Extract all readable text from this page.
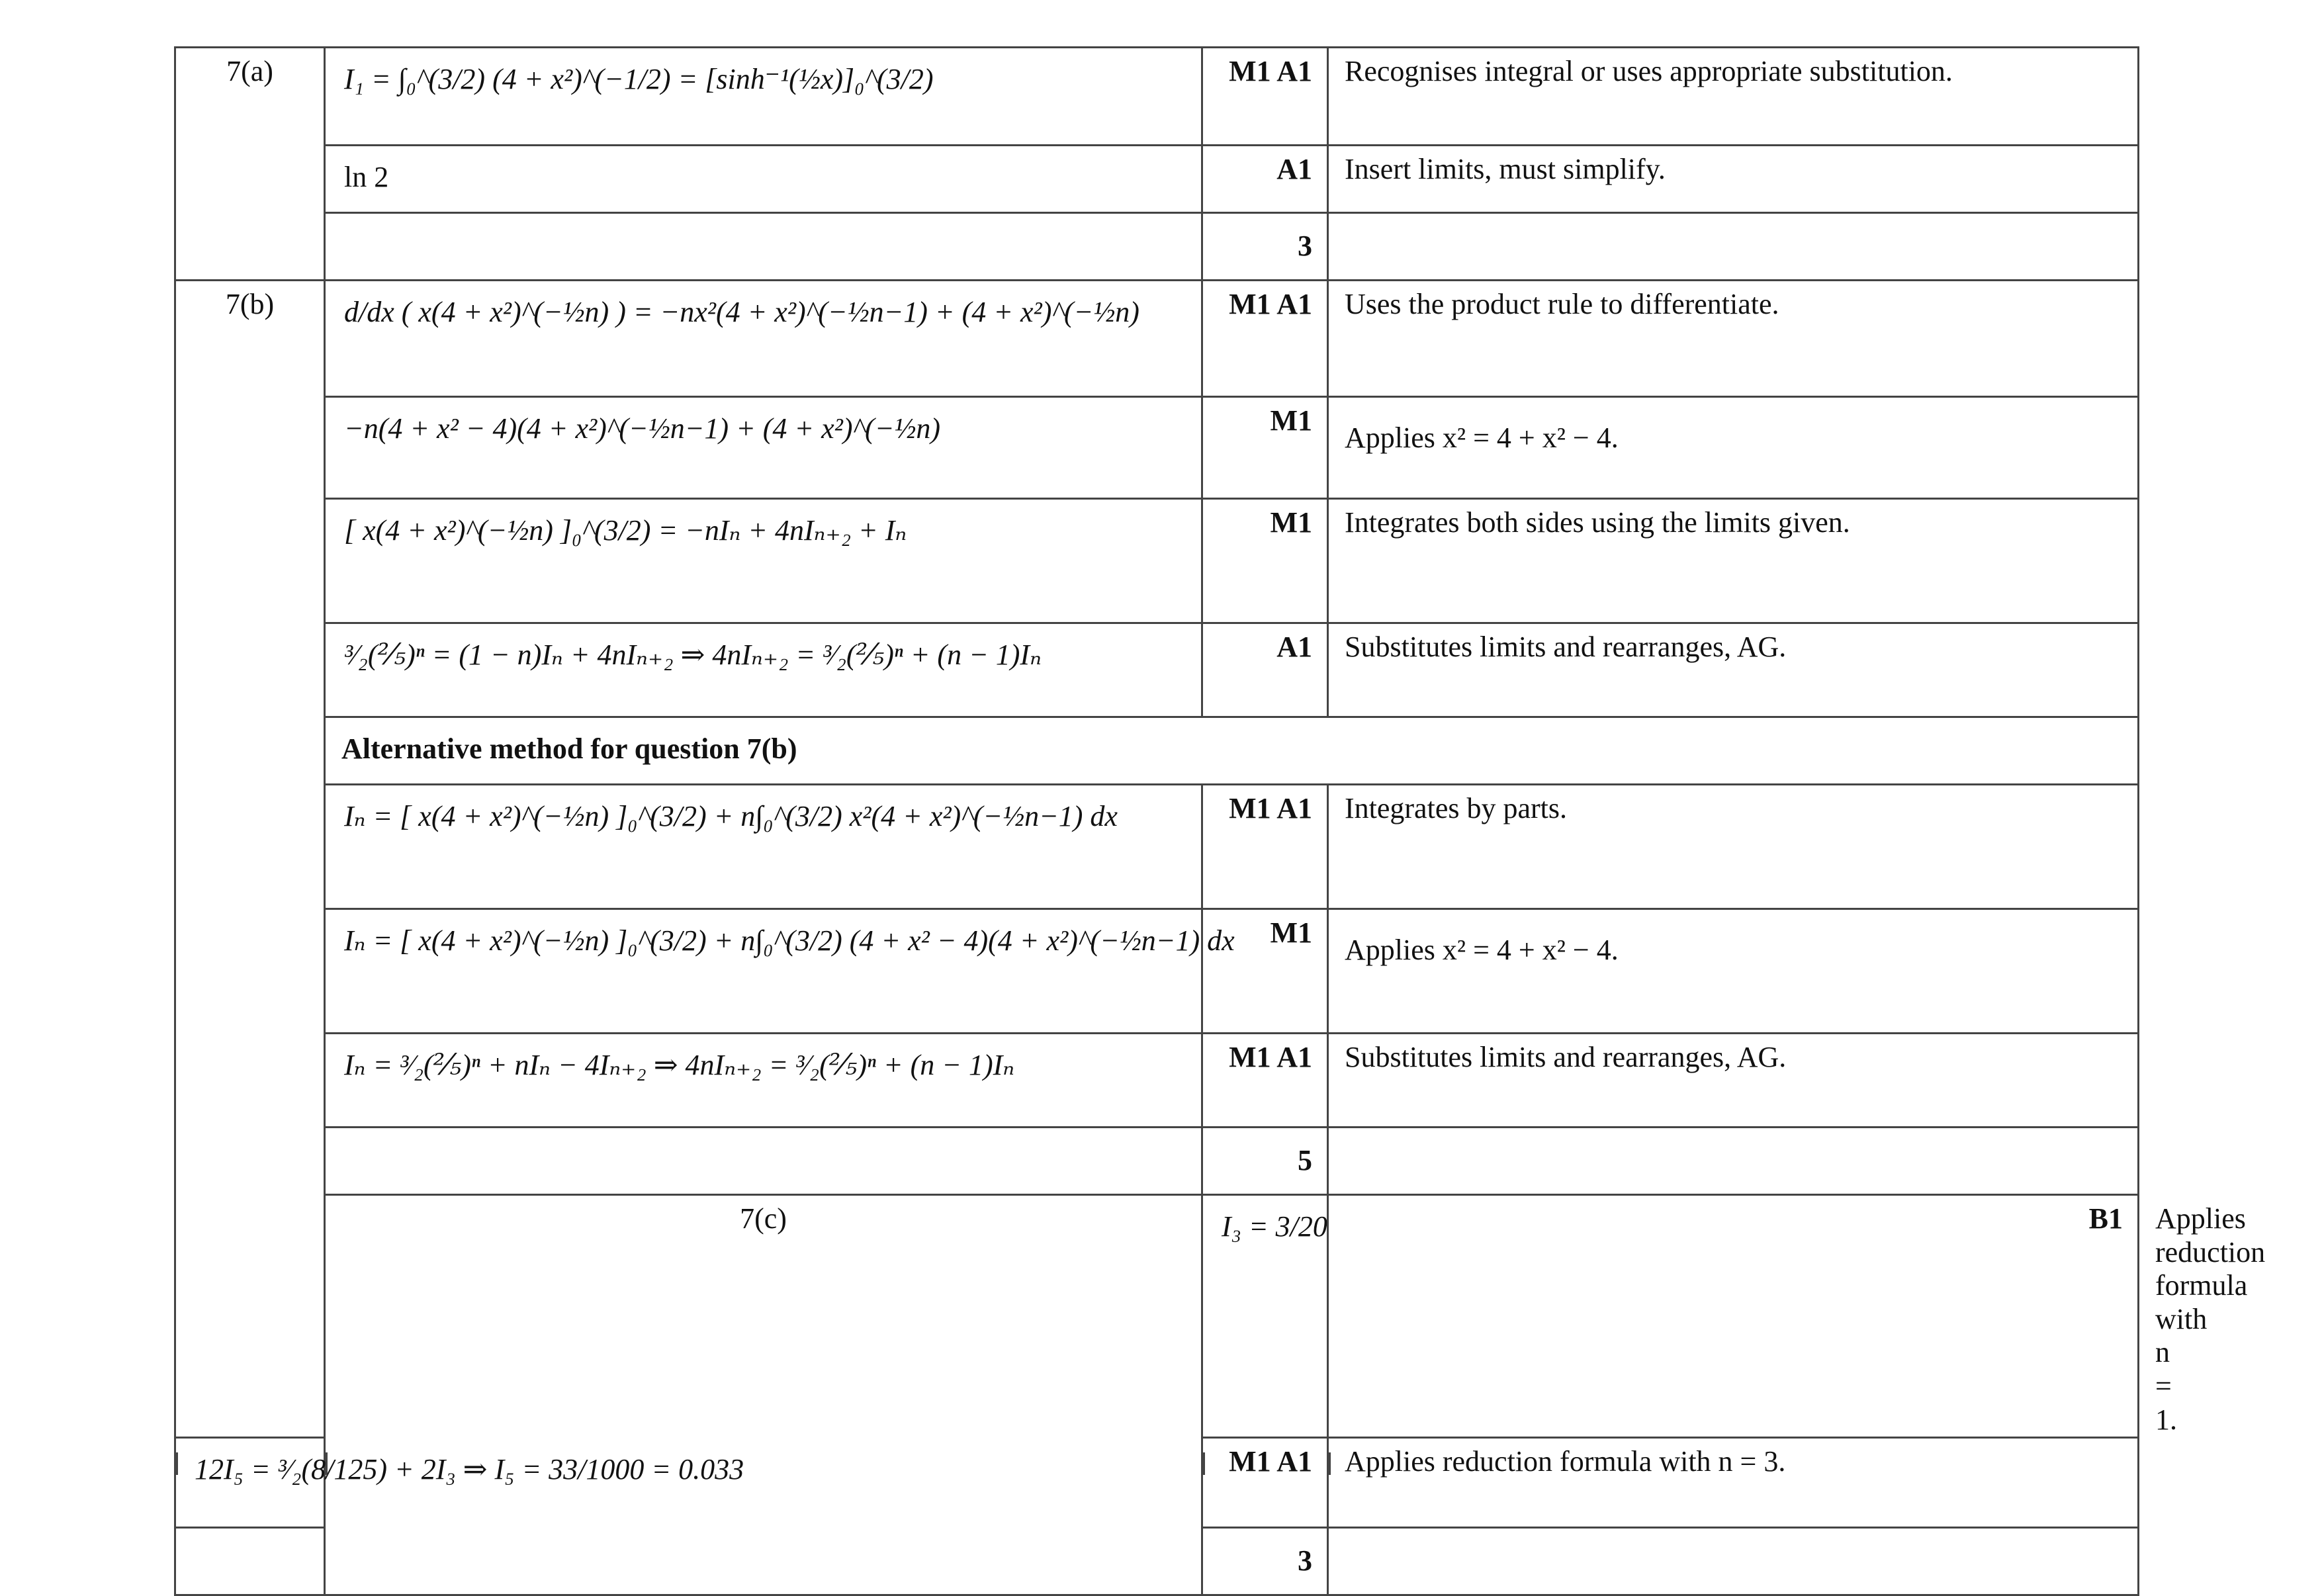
7(a)	I₁ = ∫₀^(3/2) (4 + x²)^(−1/2) = [sinh⁻¹(½x)]₀^(3/2)	M1 A1	Recognises integral or uses appropriate substitution.	
	ln 2	A1	Insert limits, must simplify.	
		3		
7(b)	d/dx ( x(4 + x²)^(−½n) ) = −nx²(4 + x²)^(−½n−1) + (4 + x²)^(−½n)	M1 A1	Uses the product rule to differentiate.	
	−n(4 + x² − 4)(4 + x²)^(−½n−1) + (4 + x²)^(−½n)	M1	Applies x² = 4 + x² − 4.	
	[ x(4 + x²)^(−½n) ]₀^(3/2) = −nIₙ + 4nIₙ₊₂ + Iₙ	M1	Integrates both sides using the limits given.	
	³⁄₂(⅖)ⁿ = (1 − n)Iₙ + 4nIₙ₊₂ ⇒ 4nIₙ₊₂ = ³⁄₂(⅖)ⁿ + (n − 1)Iₙ	A1	Substitutes limits and rearranges, AG.	
	Alternative method for question 7(b)			
	Iₙ = [ x(4 + x²)^(−½n) ]₀^(3/2) + n∫₀^(3/2) x²(4 + x²)^(−½n−1) dx	M1 A1	Integrates by parts.	
	Iₙ = [ x(4 + x²)^(−½n) ]₀^(3/2) + n∫₀^(3/2) (4 + x² − 4)(4 + x²)^(−½n−1) dx	M1	Applies x² = 4 + x² − 4.	
	Iₙ = ³⁄₂(⅖)ⁿ + nIₙ − 4Iₙ₊₂ ⇒ 4nIₙ₊₂ = ³⁄₂(⅖)ⁿ + (n − 1)Iₙ	M1 A1	Substitutes limits and rearranges, AG.	
		5		
	7(c)	I₃ = 3/20	B1	Applies reduction formula with n = 1.
12I₅ = ³⁄₂(8/125) + 2I₃ ⇒ I₅ = 33/1000 = 0.033		M1 A1	Applies reduction formula with n = 3.	
		3		
